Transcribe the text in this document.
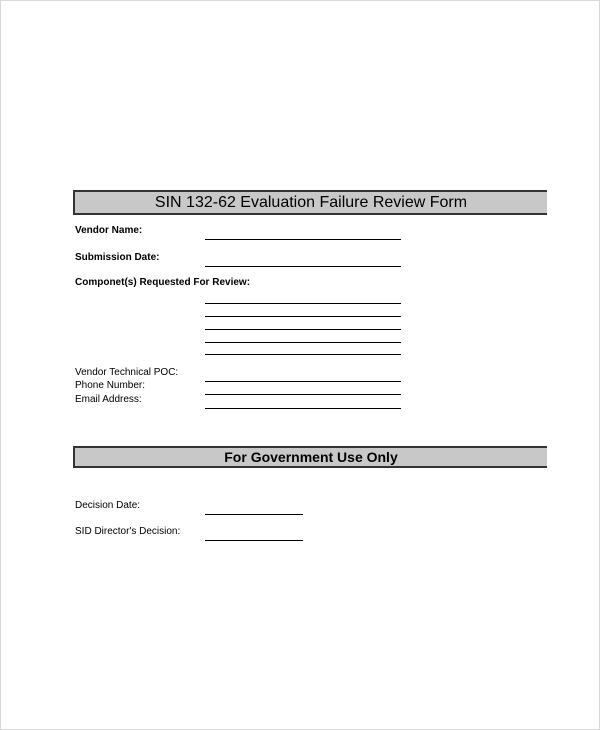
SIN 132-62 Evaluation Failure Review Form
Vendor Name:
Submission Date:
Componet(s) Requested For Review:
Vendor Technical POC:
Phone Number:
Email Address:
For Government Use Only
Decision Date:
SID Director's Decision:
